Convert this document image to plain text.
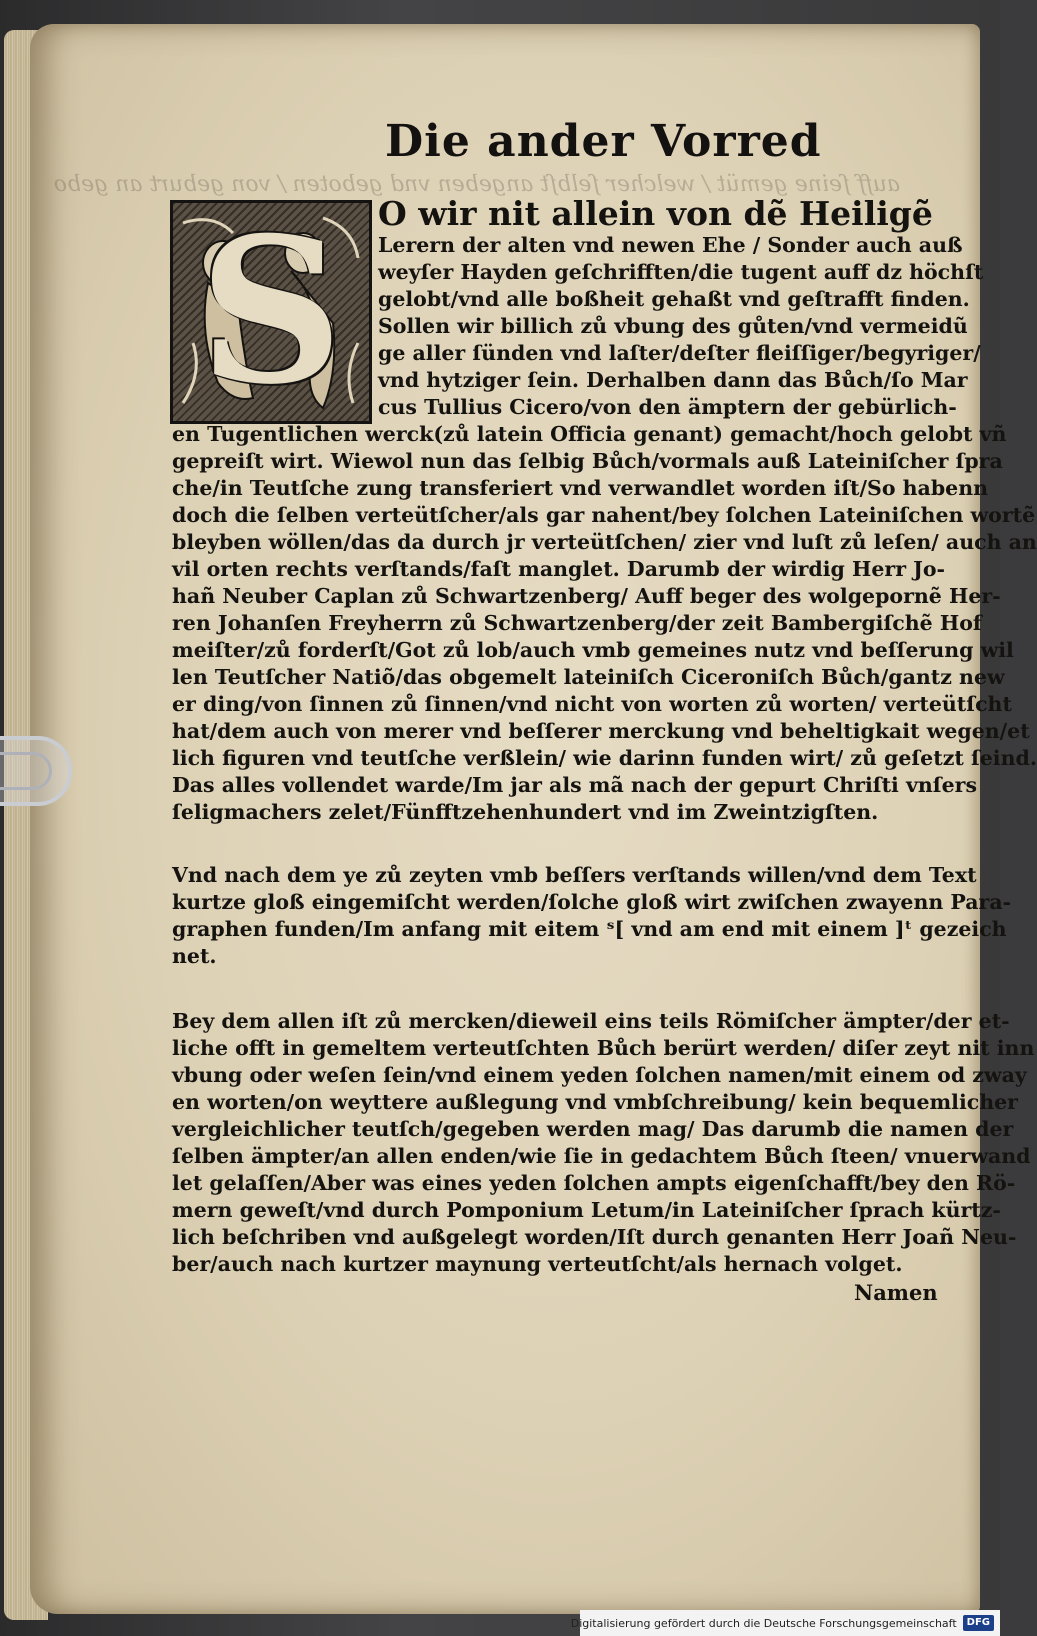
auff ſeine gemüt / welcher ſelbſt angeben vnd geboten / von geburt an gebo
Die ander Vorred
S	O wir nit allein von dẽ Heiligẽ
Lerern der alten vnd newen Ehe / Sonder auch auß
weyſer Hayden geſchrifften/die tugent auff dz höchſt
gelobt/vnd alle boßheit gehaßt vnd geſtrafft finden.
Sollen wir billich zů vbung des gůten/vnd vermeidũ
ge aller ſünden vnd laſter/deſter fleiſſiger/begyriger/
vnd hytziger ſein. Derhalben dann das Bůch/ſo Mar
cus Tullius Cicero/von den ämptern der gebürlich-
en Tugentlichen werck(zů latein Officia genant) gemacht/hoch gelobt vñ
gepreiſt wirt. Wiewol nun das ſelbig Bůch/vormals auß Lateiniſcher ſpra
che/in Teutſche zung transferiert vnd verwandlet worden iſt/So habenn
doch die ſelben verteütſcher/als gar nahent/bey ſolchen Lateiniſchen wortẽ
bleyben wöllen/das da durch jr verteütſchen/ zier vnd luſt zů leſen/ auch an
vil orten rechts verſtands/faſt manglet. Darumb der wirdig Herr Jo-
hañ Neuber Caplan zů Schwartzenberg/ Auff beger des wolgepornẽ Her-
ren Johanſen Freyherrn zů Schwartzenberg/der zeit Bambergiſchẽ Hof
meiſter/zů forderſt/Got zů lob/auch vmb gemeines nutz vnd beſſerung wil
len Teutſcher Natiõ/das obgemelt lateiniſch Ciceroniſch Bůch/gantz new
er ding/von ſinnen zů ſinnen/vnd nicht von worten zů worten/ verteütſcht
hat/dem auch von merer vnd beſſerer merckung vnd beheltigkait wegen/et
lich figuren vnd teutſche verßlein/ wie darinn funden wirt/ zů geſetzt ſeind.
Das alles vollendet warde/Im jar als mã nach der gepurt Chriſti vnſers
ſeligmachers zelet/Fünfftzehenhundert vnd im Zweintzigſten.
Vnd nach dem ye zů zeyten vmb beſſers verſtands willen/vnd dem Text
kurtze gloß eingemiſcht werden/ſolche gloß wirt zwiſchen zwayenn Para-
graphen funden/Im anfang mit eitem ˢ[ vnd am end mit einem ]ᵗ gezeich
net.
Bey dem allen iſt zů mercken/dieweil eins teils Römiſcher ämpter/der et-
liche offt in gemeltem verteutſchten Bůch berürt werden/ diſer zeyt nit inn
vbung oder weſen ſein/vnd einem yeden ſolchen namen/mit einem od zway
en worten/on weyttere außlegung vnd vmbſchreibung/ kein bequemlicher
vergleichlicher teutſch/gegeben werden mag/ Das darumb die namen der
ſelben ämpter/an allen enden/wie ſie in gedachtem Bůch ſteen/ vnuerwand
let gelaſſen/Aber was eines yeden ſolchen ampts eigenſchafft/bey den Rö-
mern geweſt/vnd durch Pomponium Letum/in Lateiniſcher ſprach kürtz-
lich beſchriben vnd außgelegt worden/Iſt durch genanten Herr Joañ Neu-
ber/auch nach kurtzer maynung verteutſcht/als hernach volget.
Namen
Digitalisierung gefördert durch die Deutsche Forschungsgemeinschaft	DFG
